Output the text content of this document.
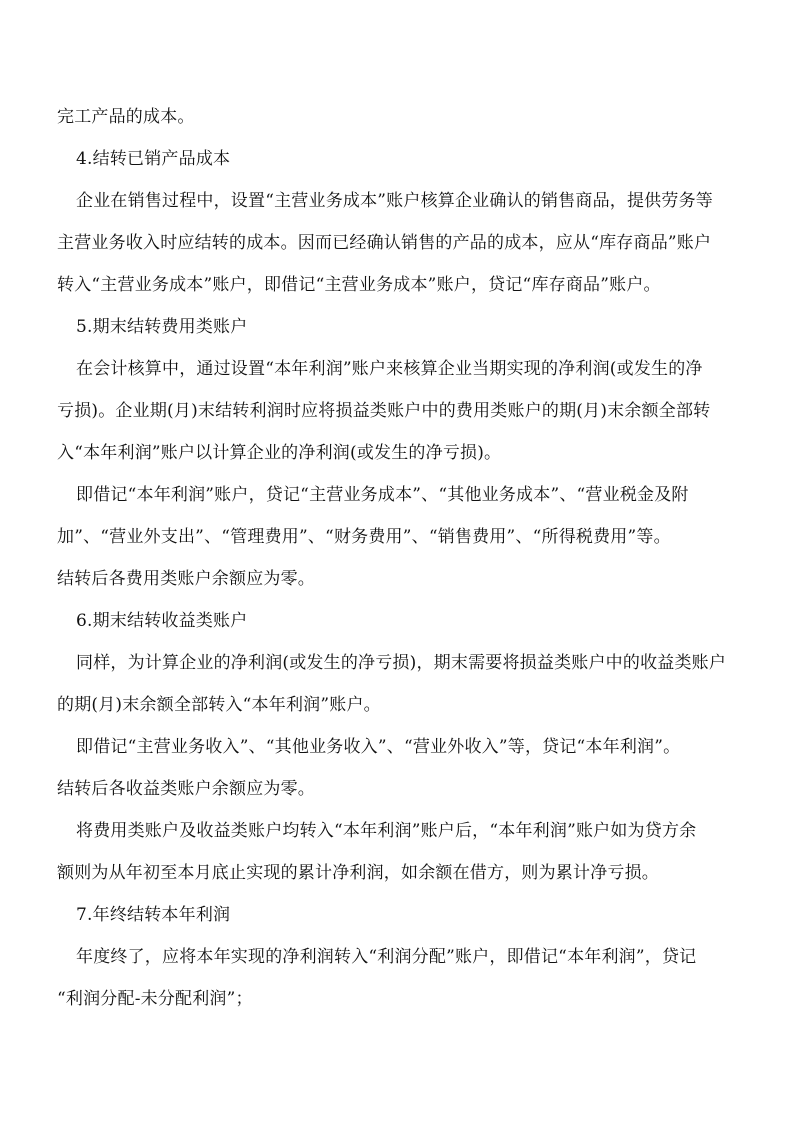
完工产品的成本。
4.结转已销产品成本
企业在销售过程中，设置“主营业务成本”账户核算企业确认的销售商品，提供劳务等
主营业务收入时应结转的成本。因而已经确认销售的产品的成本，应从“库存商品”账户
转入“主营业务成本”账户，即借记“主营业务成本”账户，贷记“库存商品”账户。
5.期末结转费用类账户
在会计核算中，通过设置“本年利润”账户来核算企业当期实现的净利润(或发生的净
亏损)。企业期(月)末结转利润时应将损益类账户中的费用类账户的期(月)末余额全部转
入“本年利润”账户以计算企业的净利润(或发生的净亏损)。
即借记“本年利润”账户，贷记“主营业务成本”、“其他业务成本”、“营业税金及附
加”、“营业外支出”、“管理费用”、“财务费用”、“销售费用”、“所得税费用”等。
结转后各费用类账户余额应为零。
6.期末结转收益类账户
同样，为计算企业的净利润(或发生的净亏损)，期末需要将损益类账户中的收益类账户
的期(月)末余额全部转入“本年利润”账户。
即借记“主营业务收入”、“其他业务收入”、“营业外收入”等，贷记“本年利润”。
结转后各收益类账户余额应为零。
将费用类账户及收益类账户均转入“本年利润”账户后，“本年利润”账户如为贷方余
额则为从年初至本月底止实现的累计净利润，如余额在借方，则为累计净亏损。
7.年终结转本年利润
年度终了，应将本年实现的净利润转入“利润分配”账户，即借记“本年利润”，贷记
“利润分配-未分配利润”；
